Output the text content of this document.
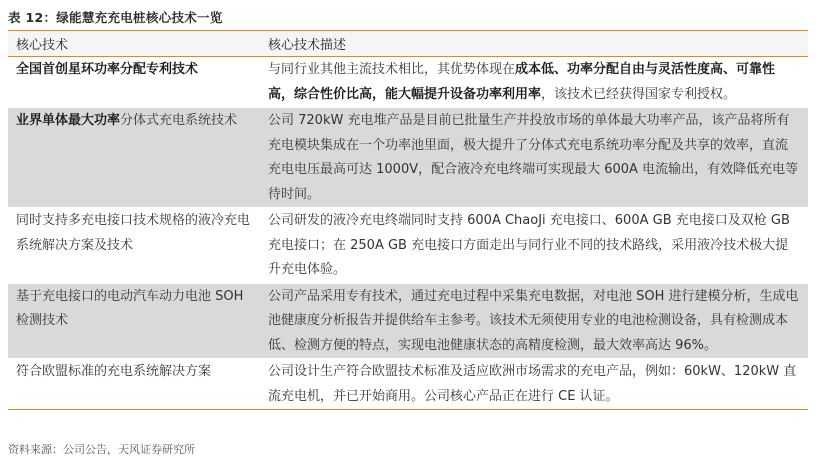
表 12：绿能慧充充电桩核心技术一览
核心技术	核心技术描述
全国首创星环功率分配专利技术	与同行业其他主流技术相比，其优势体现在成本低、功率分配自由与灵活性度高、可靠性高，综合性价比高，能大幅提升设备功率利用率，该技术已经获得国家专利授权。
业界单体最大功率分体式充电系统技术	公司 720kW 充电堆产品是目前已批量生产并投放市场的单体最大功率产品，该产品将所有充电模块集成在一个功率池里面，极大提升了分体式充电系统功率分配及共享的效率，直流充电电压最高可达 1000V，配合液冷充电终端可实现最大 600A 电流输出，有效降低充电等待时间。
同时支持多充电接口技术规格的液冷充电系统解决方案及技术	公司研发的液冷充电终端同时支持 600A ChaoJi 充电接口、600A GB 充电接口及双枪 GB 充电接口；在 250A GB 充电接口方面走出与同行业不同的技术路线，采用液冷技术极大提升充电体验。
基于充电接口的电动汽车动力电池 SOH 检测技术	公司产品采用专有技术，通过充电过程中采集充电数据，对电池 SOH 进行建模分析，生成电池健康度分析报告并提供给车主参考。该技术无须使用专业的电池检测设备，具有检测成本低、检测方便的特点，实现电池健康状态的高精度检测，最大效率高达 96%。
符合欧盟标准的充电系统解决方案	公司设计生产符合欧盟技术标准及适应欧洲市场需求的充电产品，例如：60kW、120kW 直流充电机，并已开始商用。公司核心产品正在进行 CE 认证。
资料来源：公司公告，天风证券研究所
